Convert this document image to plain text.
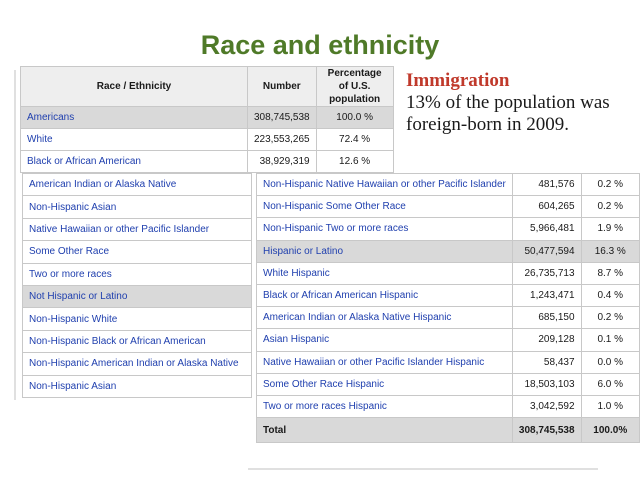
Race and ethnicity
Immigration
13% of the population was foreign-born in 2009.
Race / Ethnicity	Number	Percentage of U.S. population
Americans	308,745,538	100.0 %
White	223,553,265	72.4 %
Black or African American	38,929,319	12.6 %
American Indian or Alaska Native
Non-Hispanic Asian
Native Hawaiian or other Pacific Islander
Some Other Race
Two or more races
Not Hispanic or Latino
Non-Hispanic White
Non-Hispanic Black or African American
Non-Hispanic American Indian or Alaska Native
Non-Hispanic Asian
Non-Hispanic Native Hawaiian or other Pacific Islander	481,576	0.2 %
Non-Hispanic Some Other Race	604,265	0.2 %
Non-Hispanic Two or more races	5,966,481	1.9 %
Hispanic or Latino	50,477,594	16.3 %
White Hispanic	26,735,713	8.7 %
Black or African American Hispanic	1,243,471	0.4 %
American Indian or Alaska Native Hispanic	685,150	0.2 %
Asian Hispanic	209,128	0.1 %
Native Hawaiian or other Pacific Islander Hispanic	58,437	0.0 %
Some Other Race Hispanic	18,503,103	6.0 %
Two or more races Hispanic	3,042,592	1.0 %
Total	308,745,538	100.0%
